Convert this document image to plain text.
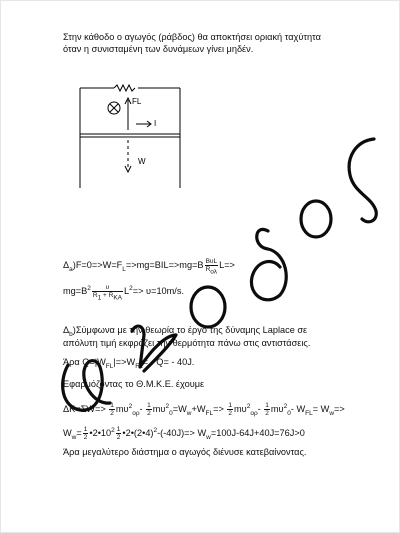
Στην κάθοδο ο αγωγός (ράβδος) θα αποκτήσει οριακή ταχύτητα
όταν η συνισταμένη των δυνάμεων γίνει μηδέν.
FL
I
W
$\Delta_a)F=0=>W=F_L=>mg=BIL=>mg=B \frac{\text{BυL}}{R_{o\lambda}} L=>$
$mg=B^2 \frac{\upsilon}{R_1 + R_{KA}} L^2=> \upsilon=10m/s$.
$\Delta_b)\Sigma ύ\mu\varphi\omega\nu\alpha$ με την θεωρία το έργο της δύναμης Laplace σε
απόλυτη τιμή εκφράζει την θερμότητα πάνω στις αντιστάσεις.
Άρα $Q=|W_{FL}|=>W_{FL}= - Q= - 40J$.
Εφαρμόζοντας το Θ.Μ.Κ.Ε. έχουμε
$\Delta K=\Sigma W=> \frac{1}{2} m\upsilon^2_{o\rho}- \frac{1}{2} m\upsilon^2_0=W_w+W_{FL}=> \frac{1}{2} m\upsilon^2_{o\rho}- \frac{1}{2} m\upsilon^2_0-$ $W_{FL}= W_w=>$
$W_w= \frac{1}{2}$ $•2•10^2 \frac{1}{2}$ •2•(2•4)$^2$-(-40J)=> $W_w=100J-64J+40J=76J>0$
Άρα μεγαλύτερο διάστημα ο αγωγός διένυσε κατεβαίνοντας.
